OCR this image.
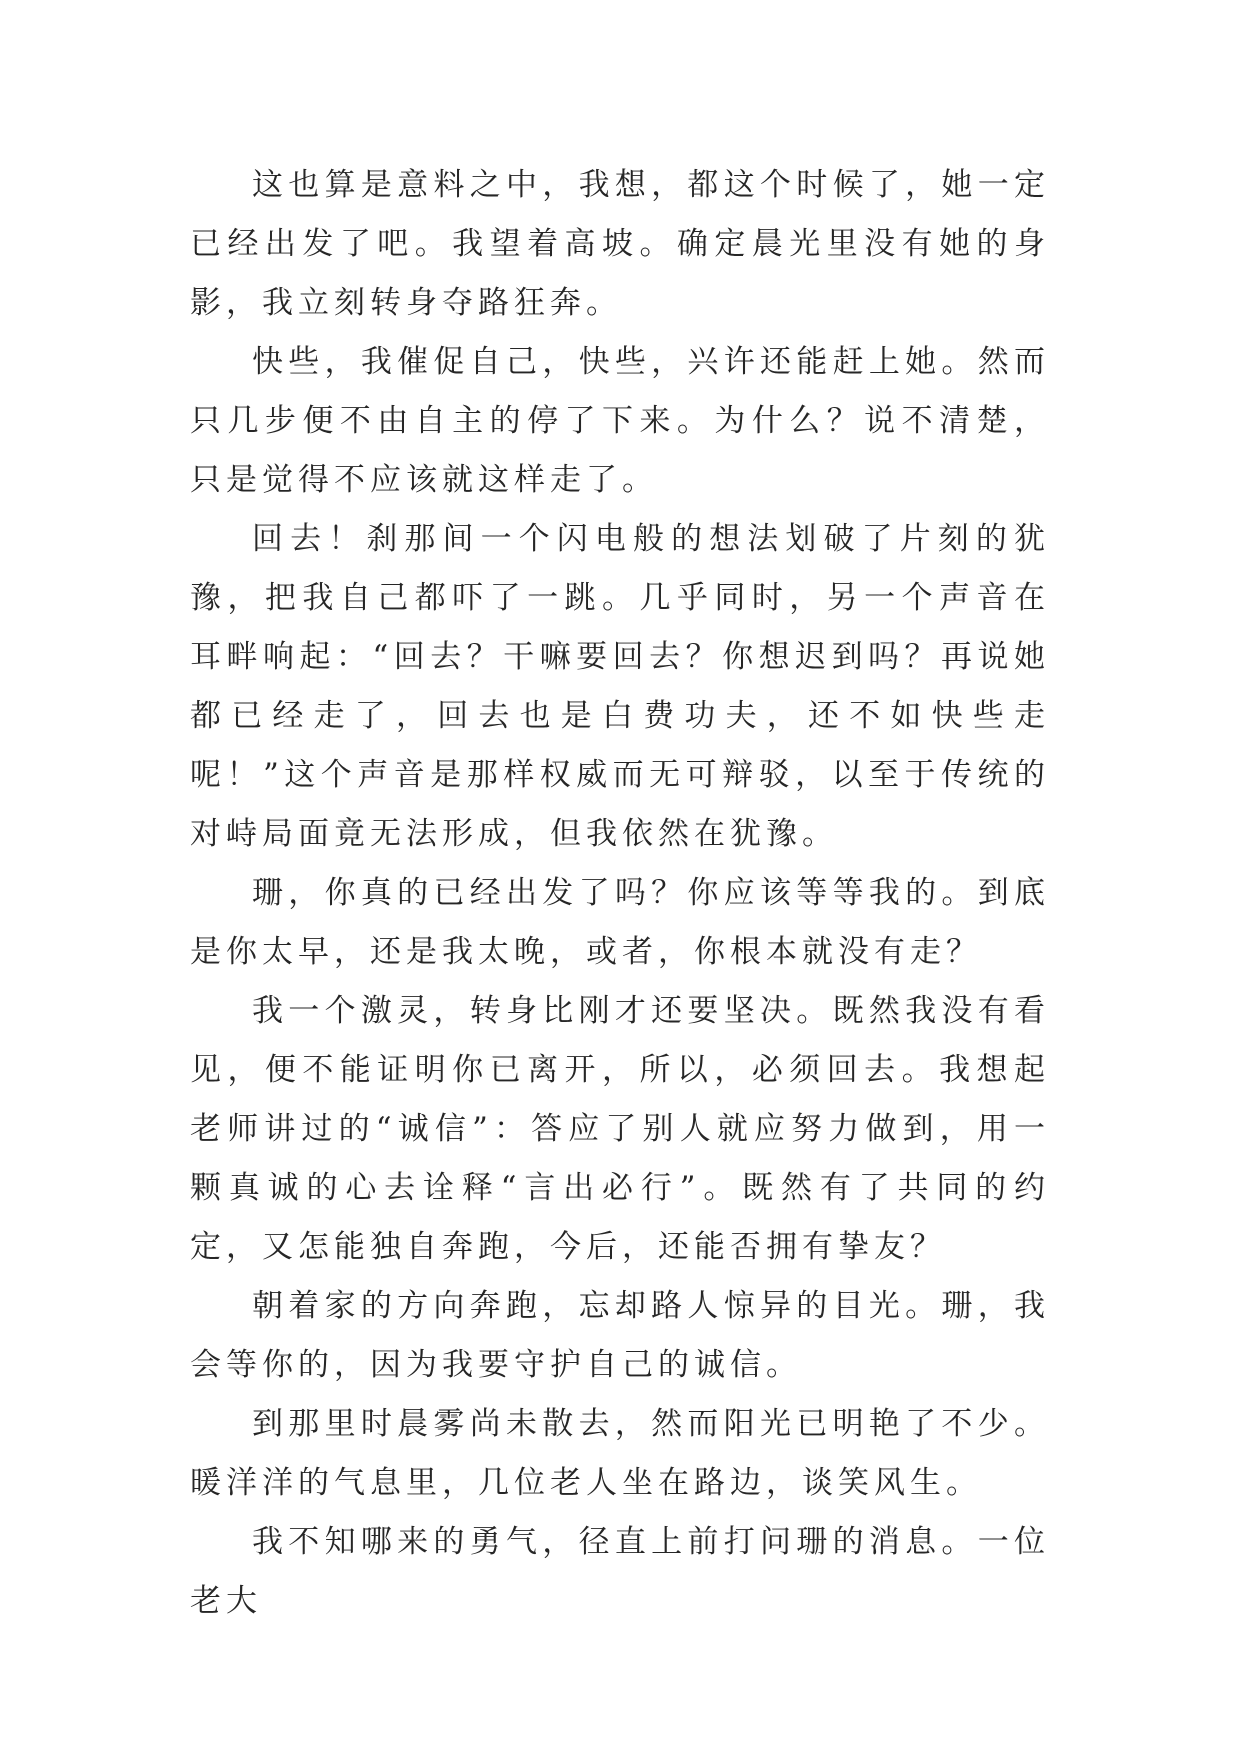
这也算是意料之中，我想，都这个时候了，她一定已经出发了吧。我望着高坡。确定晨光里没有她的身影，我立刻转身夺路狂奔。

快些，我催促自己，快些，兴许还能赶上她。然而只几步便不由自主的停了下来。为什么？说不清楚，只是觉得不应该就这样走了。

回去！刹那间一个闪电般的想法划破了片刻的犹豫，把我自己都吓了一跳。几乎同时，另一个声音在耳畔响起：“回去？干嘛要回去？你想迟到吗？再说她都已经走了，回去也是白费功夫，还不如快些走呢！”这个声音是那样权威而无可辩驳，以至于传统的对峙局面竟无法形成，但我依然在犹豫。

珊，你真的已经出发了吗？你应该等等我的。到底是你太早，还是我太晚，或者，你根本就没有走？

我一个激灵，转身比刚才还要坚决。既然我没有看见，便不能证明你已离开，所以，必须回去。我想起老师讲过的“诚信”：答应了别人就应努力做到，用一颗真诚的心去诠释“言出必行”。既然有了共同的约定，又怎能独自奔跑，今后，还能否拥有挚友？

朝着家的方向奔跑，忘却路人惊异的目光。珊，我会等你的，因为我要守护自己的诚信。

到那里时晨雾尚未散去，然而阳光已明艳了不少。暖洋洋的气息里，几位老人坐在路边，谈笑风生。

我不知哪来的勇气，径直上前打问珊的消息。一位老大
